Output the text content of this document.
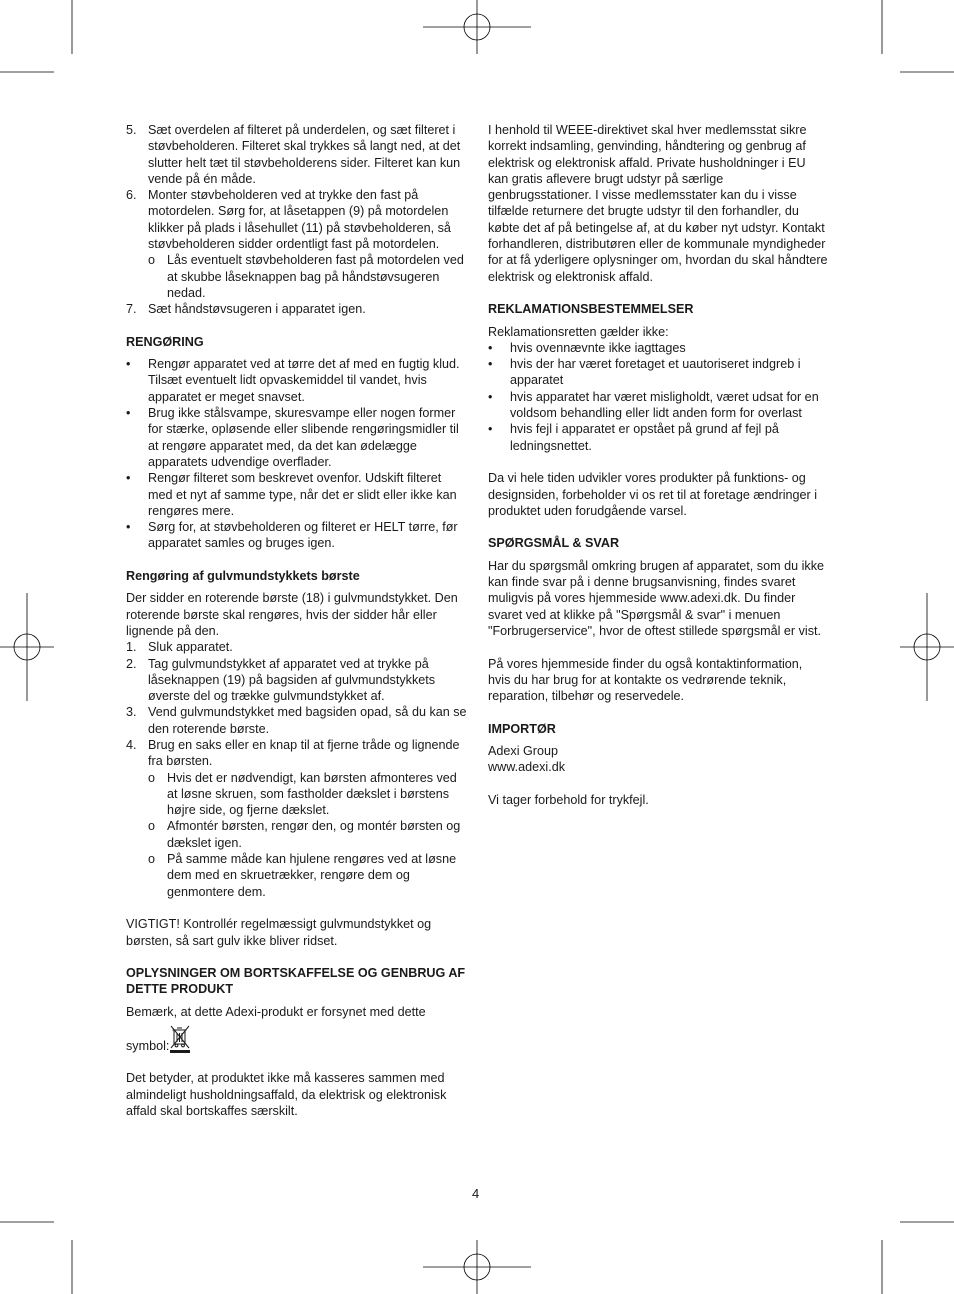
5. Sæt overdelen af filteret på underdelen, og sæt filteret i støvbeholderen. Filteret skal trykkes så langt ned, at det slutter helt tæt til støvbeholderens sider. Filteret kan kun vende på én måde.
6. Monter støvbeholderen ved at trykke den fast på motordelen. Sørg for, at låsetappen (9) på motordelen klikker på plads i låsehullet (11) på støvbeholderen, så støvbeholderen sidder ordentligt fast på motordelen.
o Lås eventuelt støvbeholderen fast på motordelen ved at skubbe låseknappen bag på håndstøvsugeren nedad.
7. Sæt håndstøvsugeren i apparatet igen.

RENGØRING

•	Rengør apparatet ved at tørre det af med en fugtig klud. Tilsæt eventuelt lidt opvaskemiddel til vandet, hvis apparatet er meget snavset.
•	Brug ikke stålsvampe, skuresvampe eller nogen former for stærke, opløsende eller slibende rengøringsmidler til at rengøre apparatet med, da det kan ødelægge apparatets udvendige overflader.
•	Rengør filteret som beskrevet ovenfor. Udskift filteret med et nyt af samme type, når det er slidt eller ikke kan rengøres mere.
•	Sørg for, at støvbeholderen og filteret er HELT tørre, før apparatet samles og bruges igen.

Rengøring af gulvmundstykkets børste

Der sidder en roterende børste (18) i gulvmundstykket. Den roterende børste skal rengøres, hvis der sidder hår eller lignende på den.

1. Sluk apparatet.
2. Tag gulvmundstykket af apparatet ved at trykke på låseknappen (19) på bagsiden af gulvmundstykkets øverste del og trække gulvmundstykket af.
3. Vend gulvmundstykket med bagsiden opad, så du kan se den roterende børste.
4. Brug en saks eller en knap til at fjerne tråde og lignende fra børsten.
o Hvis det er nødvendigt, kan børsten afmonteres ved at løsne skruen, som fastholder dækslet i børstens højre side, og fjerne dækslet.
o Afmontér børsten, rengør den, og montér børsten og dækslet igen.
o På samme måde kan hjulene rengøres ved at løsne dem med en skruetrækker, rengøre dem og genmontere dem.

VIGTIGT! Kontrollér regelmæssigt gulvmundstykket og børsten, så sart gulv ikke bliver ridset.

OPLYSNINGER OM BORTSKAFFELSE OG GENBRUG AF DETTE PRODUKT

Bemærk, at dette Adexi-produkt er forsynet med dette

symbol:

Det betyder, at produktet ikke må kasseres sammen med almindeligt husholdningsaffald, da elektrisk og elektronisk affald skal bortskaffes særskilt.

I henhold til WEEE-direktivet skal hver medlemsstat sikre korrekt indsamling, genvinding, håndtering og genbrug af elektrisk og elektronisk affald. Private husholdninger i EU kan gratis aflevere brugt udstyr på særlige genbrugsstationer. I visse medlemsstater kan du i visse tilfælde returnere det brugte udstyr til den forhandler, du købte det af på betingelse af, at du køber nyt udstyr. Kontakt forhandleren, distributøren eller de kommunale myndigheder for at få yderligere oplysninger om, hvordan du skal håndtere elektrisk og elektronisk affald.

REKLAMATIONSBESTEMMELSER

Reklamationsretten gælder ikke:

•	hvis ovennævnte ikke iagttages
•	hvis der har været foretaget et uautoriseret indgreb i apparatet
•	hvis apparatet har været misligholdt, været udsat for en voldsom behandling eller lidt anden form for overlast
•	hvis fejl i apparatet er opstået på grund af fejl på ledningsnettet.

Da vi hele tiden udvikler vores produkter på funktions- og designsiden, forbeholder vi os ret til at foretage ændringer i produktet uden forudgående varsel.

SPØRGSMÅL & SVAR

Har du spørgsmål omkring brugen af apparatet, som du ikke kan finde svar på i denne brugsanvisning, findes svaret muligvis på vores hjemmeside www.adexi.dk. Du finder svaret ved at klikke på "Spørgsmål & svar" i menuen "Forbrugerservice", hvor de oftest stillede spørgsmål er vist.

På vores hjemmeside finder du også kontaktinformation, hvis du har brug for at kontakte os vedrørende teknik, reparation, tilbehør og reservedele.

IMPORTØR

Adexi Group

www.adexi.dk

Vi tager forbehold for trykfejl.

4
